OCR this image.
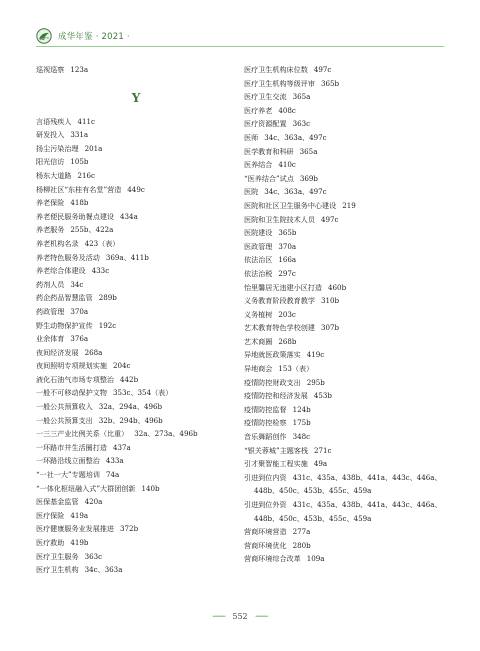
成华年鉴 · 2021 ·
巡视巡察 123a
Y
言语残疾人 411c
研发投入 331a
扬尘污染治理 201a
阳光信访 105b
杨东大道路 216c
杨柳社区“东桂有名堂”营造 449c
养老保险 418b
养老便民服务助餐点建设 434a
养老服务 255b、422a
养老机构名录 423（表）
养老特色服务及活动 369a、411b
养老综合体建设 433c
药剂人员 34c
药企药品智慧监管 289b
药政管理 370a
野生动物保护宣传 192c
业余体育 376a
夜间经济发展 268a
夜间照明专项规划实施 204c
液化石油气市场专项整治 442b
一般不可移动保护文物 353c、354（表）
一般公共预算收入 32a、294a、496b
一般公共预算支出 32b、294b、496b
一三三产业比例关系（比重） 32a、273a、496b
一环路市井生活圈打造 437a
一环路沿线立面整治 433a
“一社一大”专题培训 74a
“一体化枢纽融入式”大群团创新 140b
医保基金监管 420a
医疗保险 419a
医疗健康服务业发展推进 372b
医疗救助 419b
医疗卫生服务 363c
医疗卫生机构 34c、363a
医疗卫生机构床位数 497c
医疗卫生机构等级评审 365b
医疗卫生交流 365a
医疗养老 408c
医疗资源配置 363c
医师 34c、363a、497c
医学教育和科研 365a
医养结合 410c
“医养结合”试点 369b
医院 34c、363a、497c
医院和社区卫生服务中心建设 219
医院和卫生院技术人员 497c
医院建设 365b
医政管理 370a
依法治区 166a
依法治税 297c
怡里馨居无违建小区打造 460b
义务教育阶段教育教学 310b
义务植树 203c
艺术教育特色学校创建 307b
艺术商圈 268b
异地就医政策落实 419c
异地商会 153（表）
疫情防控财政支出 295b
疫情防控和经济发展 453b
疫情防控监督 124b
疫情防控检察 175b
音乐舞蹈创作 348c
“银关蓉城”主题客栈 271c
引才聚智能工程实施 49a
引进到位内资 431c、435a、438b、441a、443c、446a、
448b、450c、453b、455c、459a
引进到位外资 431c、435a、438b、441a、443c、446a、
448b、450c、453b、455c、459a
营商环境营造 277a
营商环境优化 280b
营商环境综合改革 109a
━━━ 552 ━━━
